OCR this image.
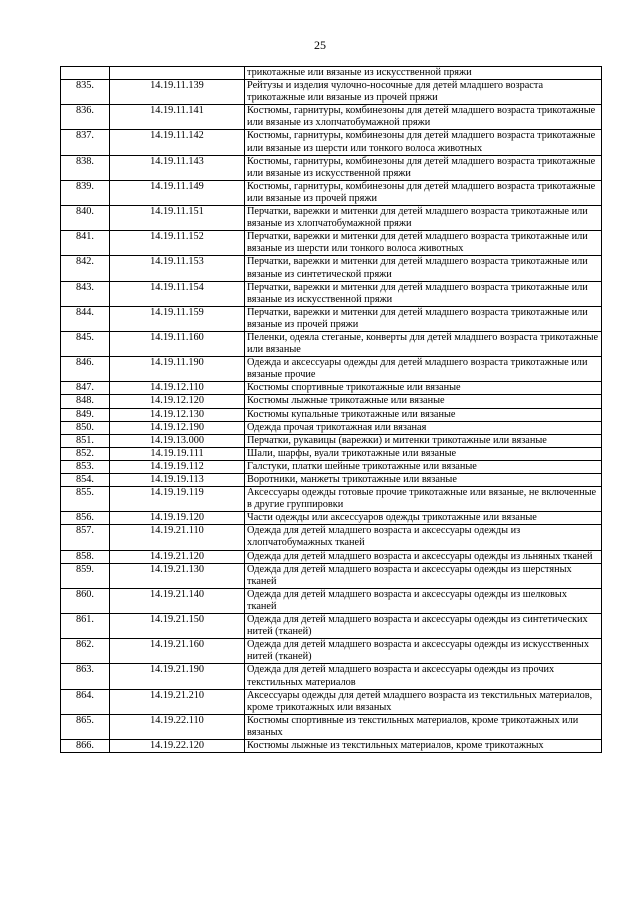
25
		трикотажные или вязаные из искусственной пряжи
835.	14.19.11.139	Рейтузы и изделия чулочно-носочные для детей младшего возраста трикотажные или вязаные из прочей пряжи
836.	14.19.11.141	Костюмы, гарнитуры, комбинезоны для детей младшего возраста трикотажные или вязаные из хлопчатобумажной пряжи
837.	14.19.11.142	Костюмы, гарнитуры, комбинезоны для детей младшего возраста трикотажные или вязаные из шерсти или тонкого волоса животных
838.	14.19.11.143	Костюмы, гарнитуры, комбинезоны для детей младшего возраста трикотажные или вязаные из искусственной пряжи
839.	14.19.11.149	Костюмы, гарнитуры, комбинезоны для детей младшего возраста трикотажные или вязаные из прочей пряжи
840.	14.19.11.151	Перчатки, варежки и митенки для детей младшего возраста трикотажные или вязаные из хлопчатобумажной пряжи
841.	14.19.11.152	Перчатки, варежки и митенки для детей младшего возраста трикотажные или вязаные из шерсти или тонкого волоса животных
842.	14.19.11.153	Перчатки, варежки и митенки для детей младшего возраста трикотажные или вязаные из синтетической пряжи
843.	14.19.11.154	Перчатки, варежки и митенки для детей младшего возраста трикотажные или вязаные из искусственной пряжи
844.	14.19.11.159	Перчатки, варежки и митенки для детей младшего возраста трикотажные или вязаные из прочей пряжи
845.	14.19.11.160	Пеленки, одеяла стеганые, конверты для детей младшего возраста трикотажные или вязаные
846.	14.19.11.190	Одежда и аксессуары одежды для детей младшего возраста трикотажные или вязаные прочие
847.	14.19.12.110	Костюмы спортивные трикотажные или вязаные
848.	14.19.12.120	Костюмы лыжные трикотажные или вязаные
849.	14.19.12.130	Костюмы купальные трикотажные или вязаные
850.	14.19.12.190	Одежда прочая трикотажная или вязаная
851.	14.19.13.000	Перчатки, рукавицы (варежки) и митенки трикотажные или вязаные
852.	14.19.19.111	Шали, шарфы, вуали трикотажные или вязаные
853.	14.19.19.112	Галстуки, платки шейные трикотажные или вязаные
854.	14.19.19.113	Воротники, манжеты трикотажные или вязаные
855.	14.19.19.119	Аксессуары одежды готовые прочие трикотажные или вязаные, не включенные в другие группировки
856.	14.19.19.120	Части одежды или аксессуаров одежды трикотажные или вязаные
857.	14.19.21.110	Одежда для детей младшего возраста и аксессуары одежды из хлопчатобумажных тканей
858.	14.19.21.120	Одежда для детей младшего возраста и аксессуары одежды из льняных тканей
859.	14.19.21.130	Одежда для детей младшего возраста и аксессуары одежды из шерстяных тканей
860.	14.19.21.140	Одежда для детей младшего возраста и аксессуары одежды из шелковых тканей
861.	14.19.21.150	Одежда для детей младшего возраста и аксессуары одежды из синтетических нитей (тканей)
862.	14.19.21.160	Одежда для детей младшего возраста и аксессуары одежды из искусственных нитей (тканей)
863.	14.19.21.190	Одежда для детей младшего возраста и аксессуары одежды из прочих текстильных материалов
864.	14.19.21.210	Аксессуары одежды для детей младшего возраста из текстильных материалов, кроме трикотажных или вязаных
865.	14.19.22.110	Костюмы спортивные из текстильных материалов, кроме трикотажных или вязаных
866.	14.19.22.120	Костюмы лыжные из текстильных материалов, кроме трикотажных
